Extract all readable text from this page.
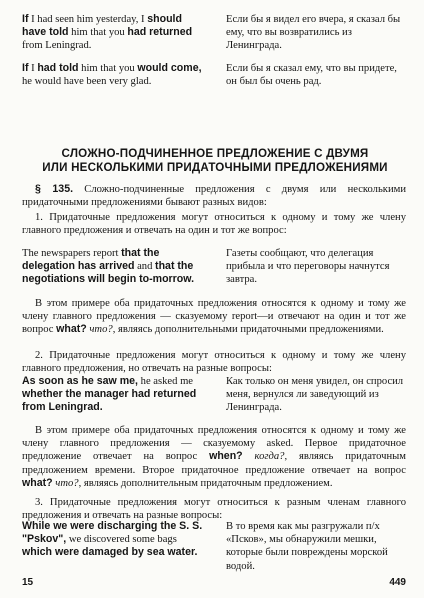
If I had seen him yesterday, I should have told him that you had returned from Leningrad.
Если бы я видел его вчера, я сказал бы ему, что вы возвратились из Ленинграда.
If I had told him that you would come, he would have been very glad.
Если бы я сказал ему, что вы придете, он был бы очень рад.
СЛОЖНО-ПОДЧИНЕННОЕ ПРЕДЛОЖЕНИЕ С ДВУМЯ
ИЛИ НЕСКОЛЬКИМИ ПРИДАТОЧНЫМИ ПРЕДЛОЖЕНИЯМИ
§ 135. Сложно-подчиненные предложения с двумя или несколькими придаточными предложениями бывают разных видов:
1. Придаточные предложения могут относиться к одному и тому же члену главного предложения и отвечать на один и тот же вопрос:
The newspapers report that the delegation has arrived and that the negotiations will begin to-morrow.
Газеты сообщают, что делегация прибыла и что переговоры начнутся завтра.
В этом примере оба придаточных предложения относятся к одному и тому же члену главного предложения — сказуемому report—и отвечают на один и тот же вопрос what? что?, являясь дополнительными придаточными предложениями.
2. Придаточные предложения могут относиться к одному и тому же члену главного предложения, но отвечать на разные вопросы:
As soon as he saw me, he asked me whether the manager had returned from Leningrad.
Как только он меня увидел, он спросил меня, вернулся ли заведующий из Ленинграда.
В этом примере оба придаточных предложения относятся к одному и тому же члену главного предложения — сказуемому asked. Первое придаточное предложение отвечает на вопрос when? когда?, являясь придаточным предложением времени. Второе придаточное предложение отвечает на вопрос what? что?, являясь дополнительным придаточным предложением.
3. Придаточные предложения могут относиться к разным членам главного предложения и отвечать на разные вопросы:
While we were discharging the S. S. "Pskov", we discovered some bags which were damaged by sea water.
В то время как мы разгружали п/х «Псков», мы обнаружили мешки, которые были повреждены морской водой.
15	449
